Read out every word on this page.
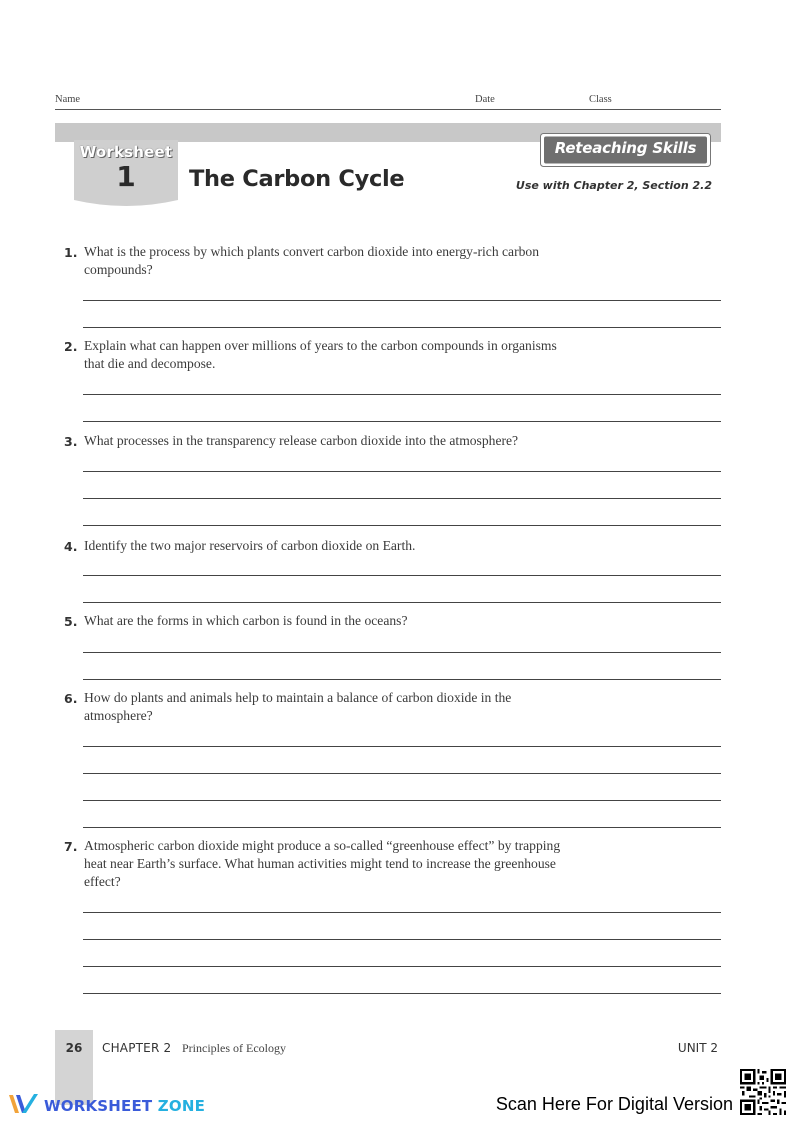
Name	Date	Class
Worksheet
1	The Carbon Cycle
Reteaching Skills
Use with Chapter 2, Section 2.2
1. What is the process by which plants convert carbon dioxide into energy-rich carbon
compounds?
2. Explain what can happen over millions of years to the carbon compounds in organisms
that die and decompose.
3. What processes in the transparency release carbon dioxide into the atmosphere?
4. Identify the two major reservoirs of carbon dioxide on Earth.
5. What are the forms in which carbon is found in the oceans?
6. How do plants and animals help to maintain a balance of carbon dioxide in the
atmosphere?
7. Atmospheric carbon dioxide might produce a so-called “greenhouse effect” by trapping
heat near Earth’s surface. What human activities might tend to increase the greenhouse
effect?
26	CHAPTER 2 Principles of Ecology	UNIT 2
WORKSHEET ZONE	Scan Here For Digital Version
